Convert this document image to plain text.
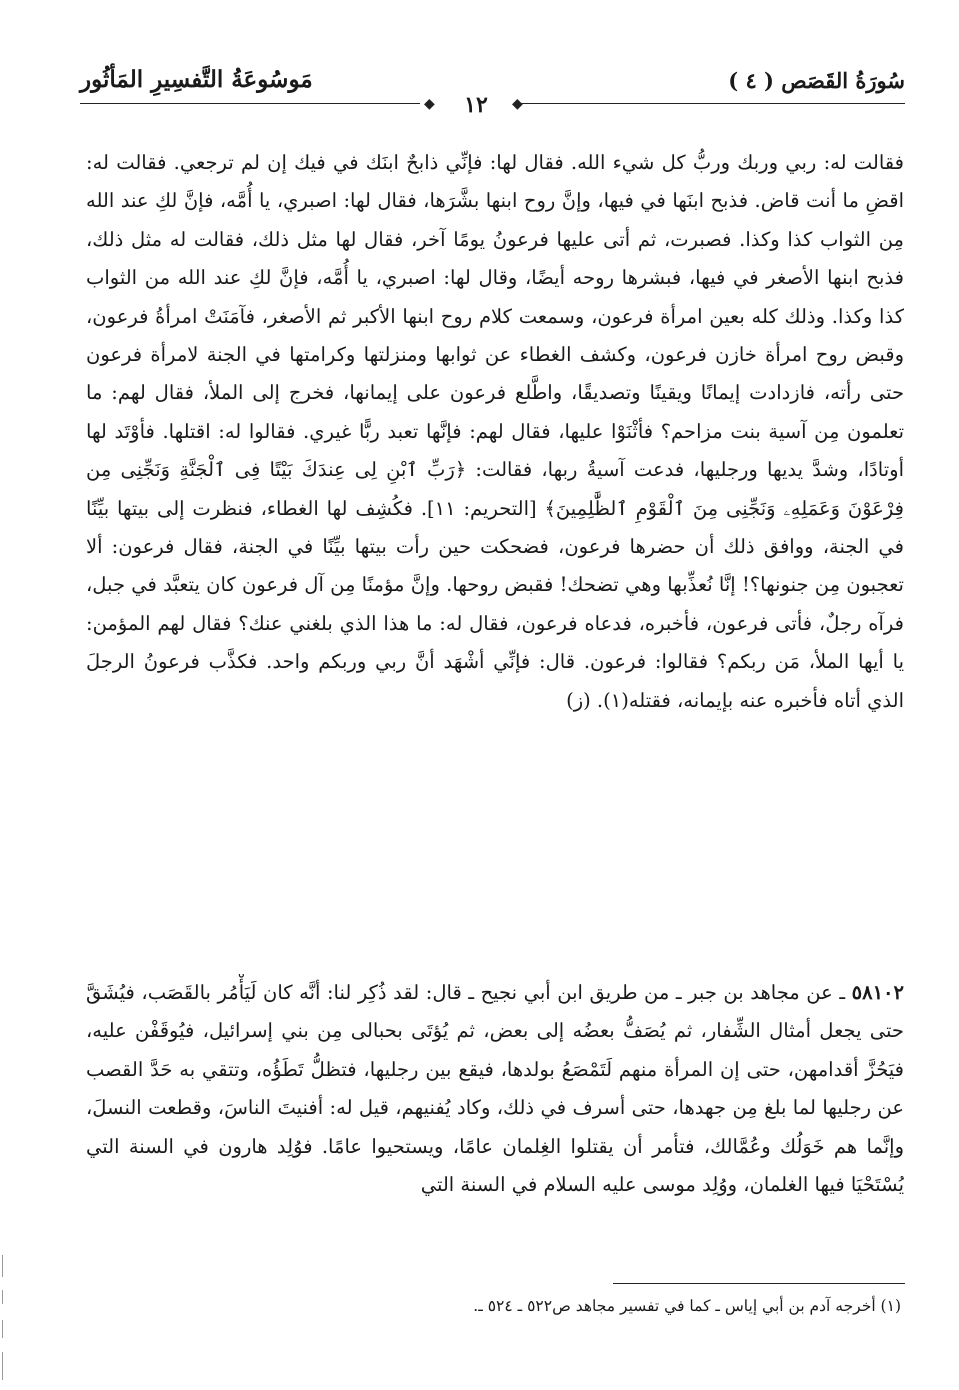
سُورَةُ القَصَص ( ٤ )
مَوسُوعَةُ التَّفسِيرِ المَأثُور
◆	◆
١٢

فقالت له: ربي وربك وربُّ كل شيء الله. فقال لها: فإنِّي ذابحٌ ابنَك في فيك إن لم ترجعي. فقالت له: اقضِ ما أنت قاض. فذبح ابنَها في فيها، وإنَّ روح ابنها بشَّرَها، فقال لها: اصبري، يا أُمَّه، فإنَّ لكِ عند الله مِن الثواب كذا وكذا. فصبرت، ثم أتى عليها فرعونُ يومًا آخر، فقال لها مثل ذلك، فقالت له مثل ذلك، فذبح ابنها الأصغر في فيها، فبشرها روحه أيضًا، وقال لها: اصبري، يا أُمَّه، فإنَّ لكِ عند الله من الثواب كذا وكذا. وذلك كله بعين امرأة فرعون، وسمعت كلام روح ابنها الأكبر ثم الأصغر، فآمَنَتْ امرأةُ فرعون، وقبض روح امرأة خازن فرعون، وكشف الغطاء عن ثوابها ومنزلتها وكرامتها في الجنة لامرأة فرعون حتى رأته، فازدادت إيمانًا ويقينًا وتصديقًا، واطَّلع فرعون على إيمانها، فخرج إلى الملأ، فقال لهم: ما تعلمون مِن آسية بنت مزاحم؟ فأثْنَوْا عليها، فقال لهم: فإنَّها تعبد ربًّا غيري. فقالوا له: اقتلها. فأوْتَد لها أوتادًا، وشدَّ يديها ورجليها، فدعت آسيةُ ربها، فقالت: ﴿رَبِّ ٱبْنِ لِى عِندَكَ بَيْتًا فِى ٱلْجَنَّةِ وَنَجِّنِى مِن فِرْعَوْنَ وَعَمَلِهِۦ وَنَجِّنِى مِنَ ٱلْقَوْمِ ٱلظَّٰلِمِينَ﴾ [التحريم: ١١]. فكُشِف لها الغطاء، فنظرت إلى بيتها بيِّنًا في الجنة، ووافق ذلك أن حضرها فرعون، فضحكت حين رأت بيتها بيِّنًا في الجنة، فقال فرعون: ألا تعجبون مِن جنونها؟! إنَّا نُعذِّبها وهي تضحك! فقبض روحها. وإنَّ مؤمنًا مِن آل فرعون كان يتعبَّد في جبل، فرآه رجلٌ، فأتى فرعون، فأخبره، فدعاه فرعون، فقال له: ما هذا الذي بلغني عنك؟ فقال لهم المؤمن: يا أيها الملأ، مَن ربكم؟ فقالوا: فرعون. قال: فإنِّي أشْهَد أنَّ ربي وربكم واحد. فكذَّب فرعونُ الرجلَ الذي أتاه فأخبره عنه بإيمانه، فقتله(١). (ز)

٥٨١٠٢ ـ عن مجاهد بن جبر ـ من طريق ابن أبي نجيح ـ قال: لقد ذُكِر لنا: أنَّه كان لَيَأْمُر بالقَصَب، فيُشَقَّ حتى يجعل أمثال الشِّفار، ثم يُصَفُّ بعضُه إلى بعض، ثم يُؤتَى بحبالى مِن بني إسرائيل، فيُوقَفْن عليه، فيَحُزَّ أقدامهن، حتى إن المرأة منهم لَتَمْصَعُ بولدها، فيقع بين رجليها، فتظلُّ تَطَؤُه، وتتقي به حَدَّ القصب عن رجليها لما بلغ مِن جهدها، حتى أسرف في ذلك، وكاد يُفنيهم، قيل له: أفنيتَ الناسَ، وقطعت النسلَ، وإنَّما هم خَوَلُك وعُمَّالك، فتأمر أن يقتلوا الغِلمان عامًا، ويستحيوا عامًا. فوُلِد هارون في السنة التي يُسْتَحْيَا فيها الغلمان، ووُلِد موسى عليه السلام في السنة التي

(١) أخرجه آدم بن أبي إياس ـ كما في تفسير مجاهد ص٥٢٢ ـ ٥٢٤ ـ.
